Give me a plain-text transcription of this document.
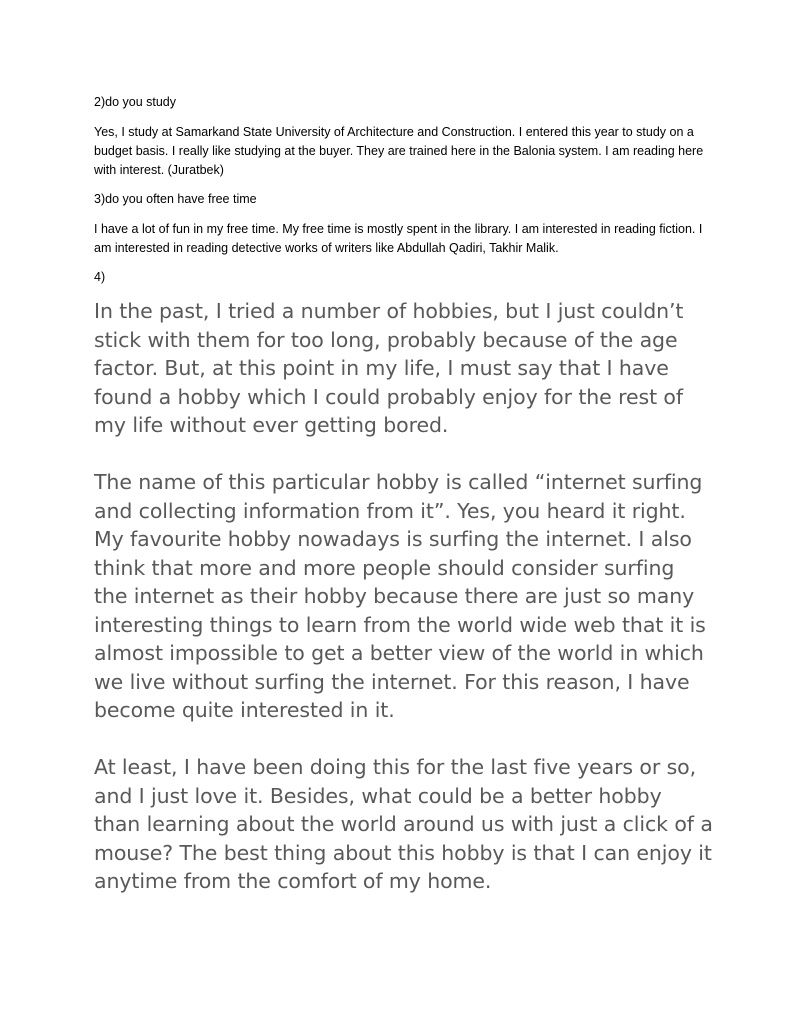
2)do you study

Yes, I study at Samarkand State University of Architecture and Construction. I entered this year to study on a budget basis. I really like studying at the buyer. They are trained here in the Balonia system. I am reading here with interest. (Juratbek)

3)do you often have free time

I have a lot of fun in my free time. My free time is mostly spent in the library. I am interested in reading fiction. I am interested in reading detective works of writers like Abdullah Qadiri, Takhir Malik.

4)

In the past, I tried a number of hobbies, but I just couldn’t stick with them for too long, probably because of the age factor. But, at this point in my life, I must say that I have found a hobby which I could probably enjoy for the rest of my life without ever getting bored.

The name of this particular hobby is called “internet surfing and collecting information from it”. Yes, you heard it right. My favourite hobby nowadays is surfing the internet. I also think that more and more people should consider surfing the internet as their hobby because there are just so many interesting things to learn from the world wide web that it is almost impossible to get a better view of the world in which we live without surfing the internet. For this reason, I have become quite interested in it.

At least, I have been doing this for the last five years or so, and I just love it. Besides, what could be a better hobby than learning about the world around us with just a click of a mouse? The best thing about this hobby is that I can enjoy it anytime from the comfort of my home.
